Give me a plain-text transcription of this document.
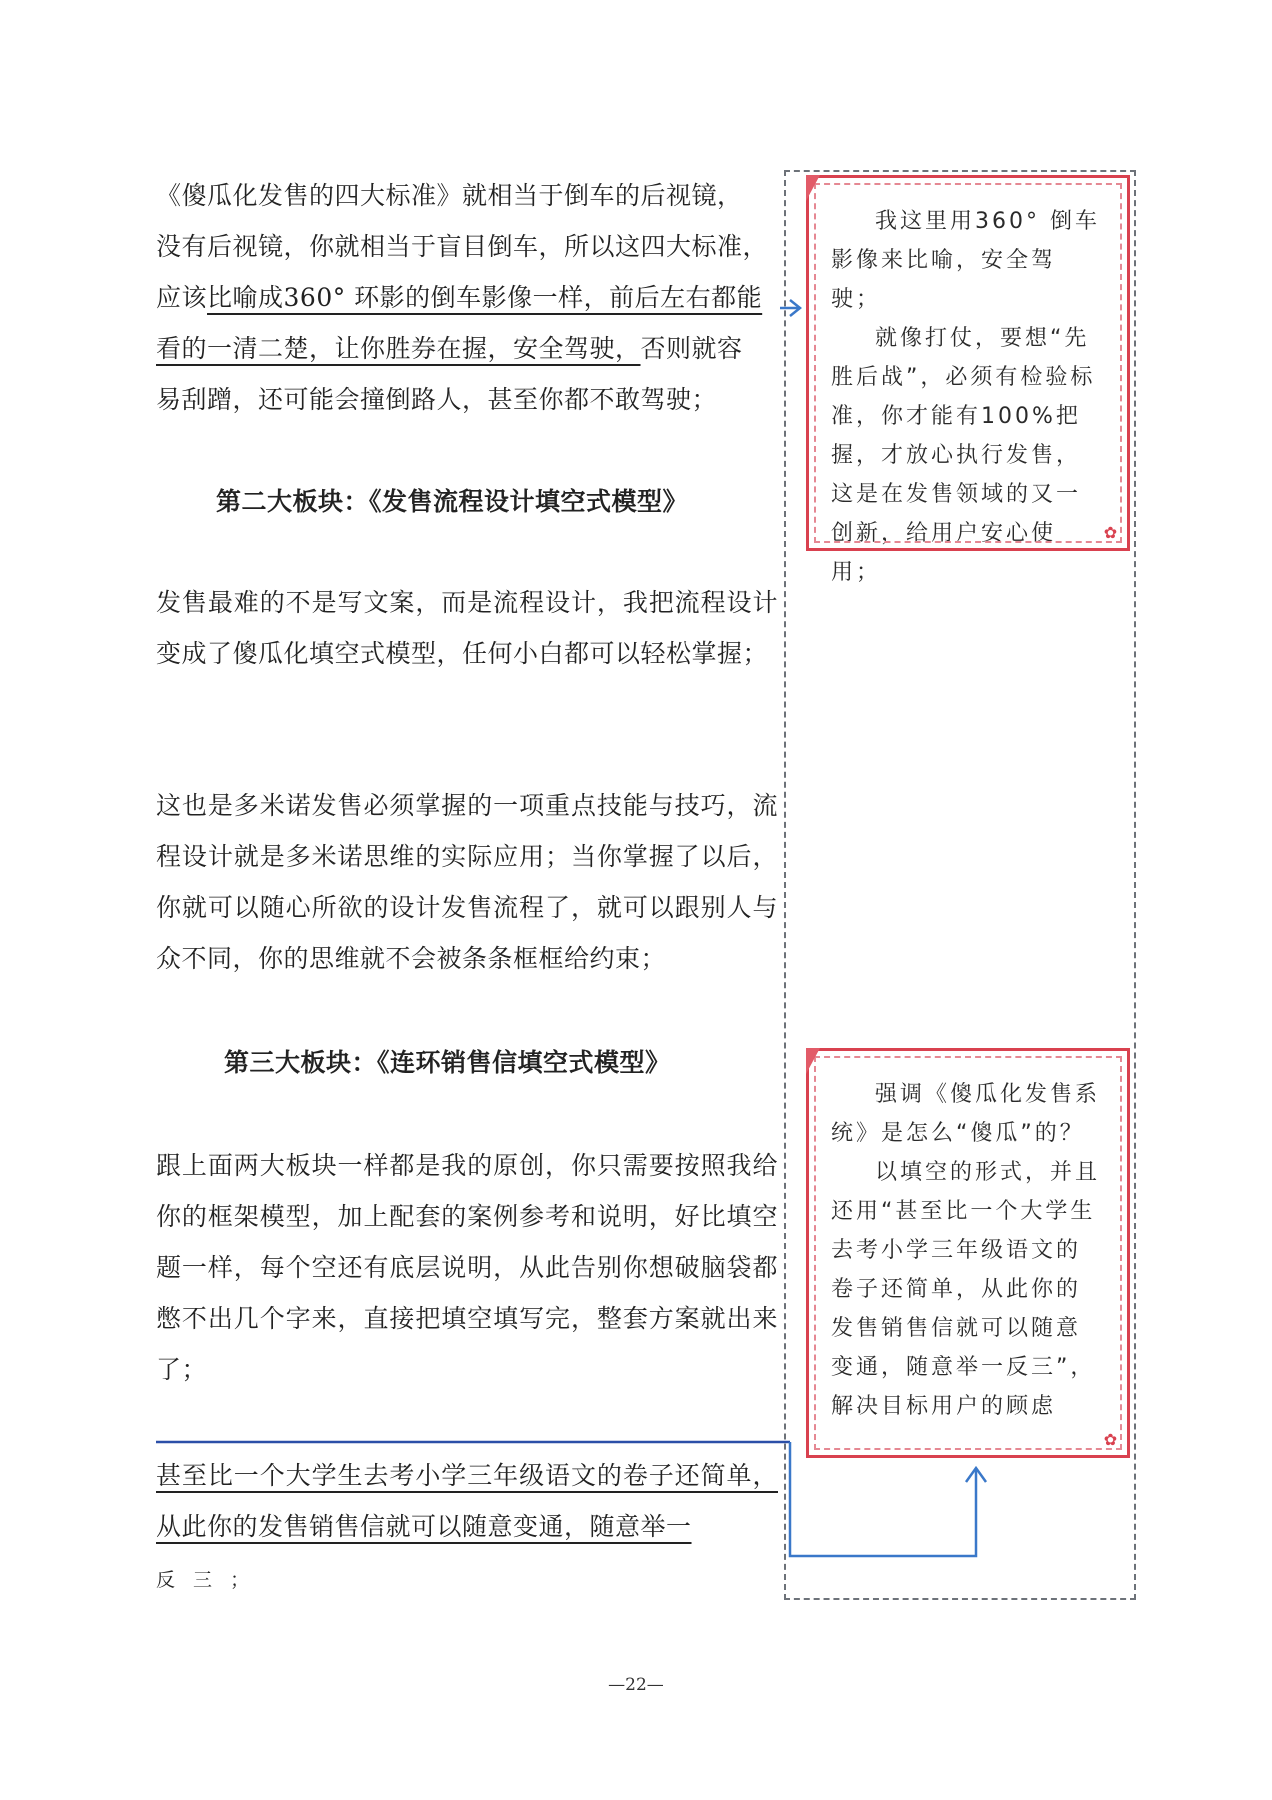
《傻瓜化发售的四大标准》就相当于倒车的后视镜，
没有后视镜，你就相当于盲目倒车，所以这四大标准，
应该比喻成360° 环影的倒车影像一样，前后左右都能
看的一清二楚，让你胜券在握，安全驾驶，否则就容
易刮蹭，还可能会撞倒路人，甚至你都不敢驾驶；
第二大板块：《发售流程设计填空式模型》

发售最难的不是写文案，而是流程设计，我把流程设计变成了傻瓜化填空式模型，任何小白都可以轻松掌握；

这也是多米诺发售必须掌握的一项重点技能与技巧，流程设计就是多米诺思维的实际应用；当你掌握了以后，你就可以随心所欲的设计发售流程了，就可以跟别人与众不同，你的思维就不会被条条框框给约束；

第三大板块：《连环销售信填空式模型》

跟上面两大板块一样都是我的原创，你只需要按照我给你的框架模型，加上配套的案例参考和说明，好比填空题一样，每个空还有底层说明，从此告别你想破脑袋都憋不出几个字来，直接把填空填写完，整套方案就出来了；

甚至比一个大学生去考小学三年级语文的卷子还简单，从此你的发售销售信就可以随意变通，随意举一

反 三 ；

我这里用360° 倒车影像来比喻，安全驾驶；

就像打仗，要想“先胜后战”，必须有检验标准，你才能有100%把握，才放心执行发售，这是在发售领域的又一创新，给用户安心使用；

✿

强调《傻瓜化发售系统》是怎么“傻瓜”的？

以填空的形式，并且还用“甚至比一个大学生去考小学三年级语文的卷子还简单，从此你的发售销售信就可以随意变通，随意举一反三”，解决目标用户的顾虑

✿
—22—
